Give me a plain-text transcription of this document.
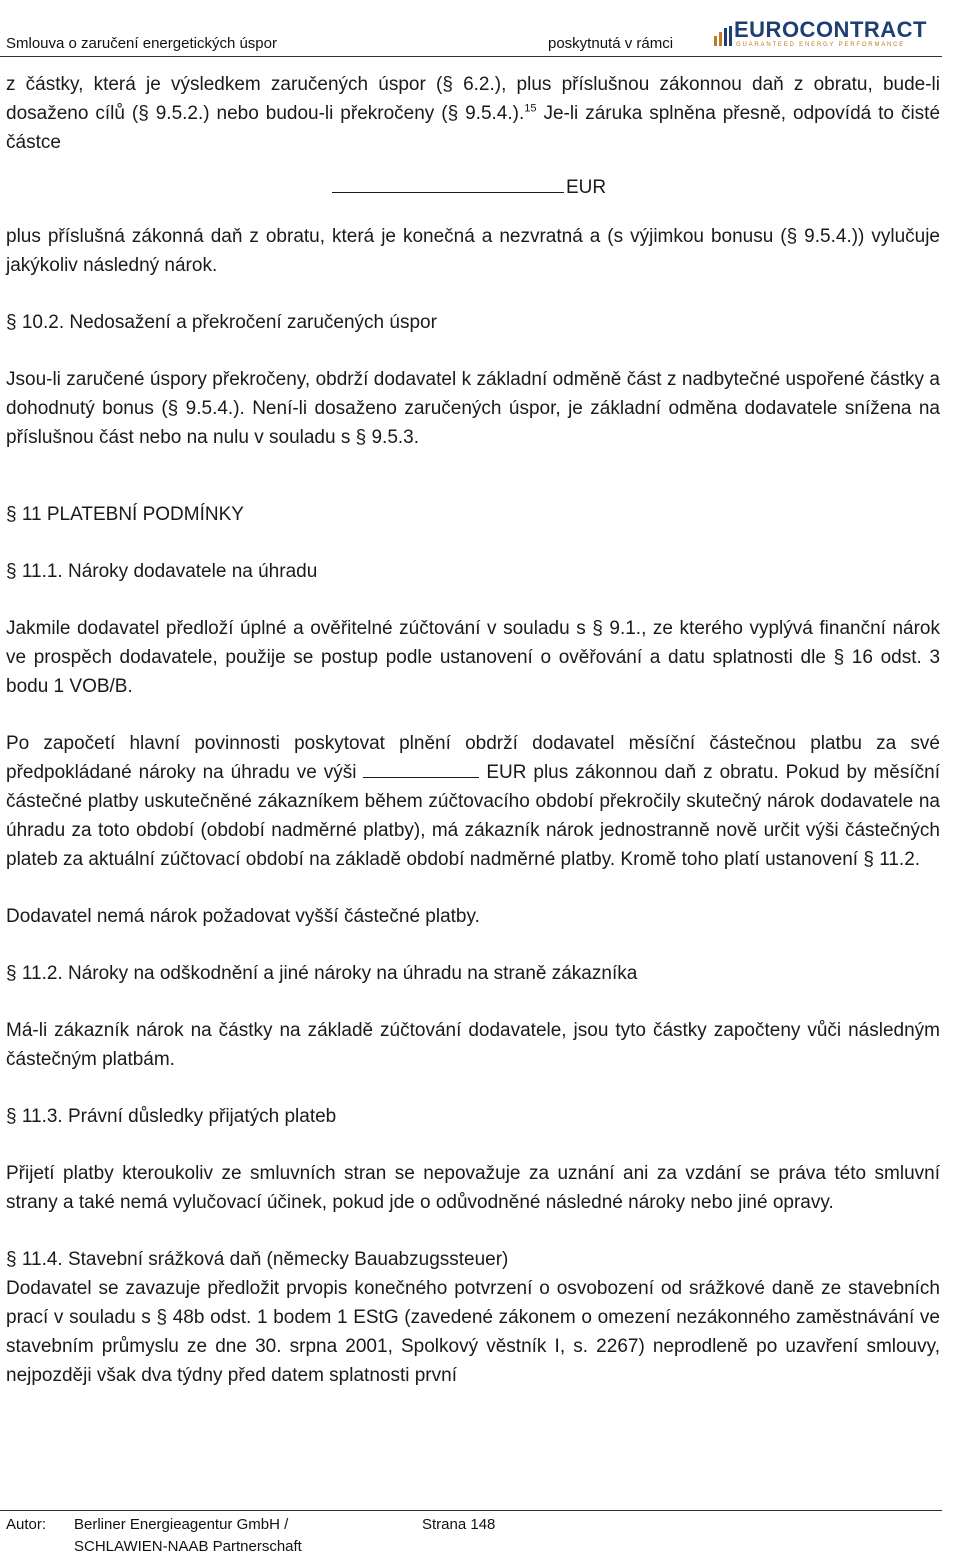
Smlouva o zaručení energetických úspor	poskytnutá v rámci
EUROCONTRACT
GUARANTEED ENERGY PERFORMANCE

z částky, která je výsledkem zaručených úspor (§ 6.2.), plus příslušnou zákonnou daň z obratu, bude-li dosaženo cílů (§ 9.5.2.) nebo budou-li překročeny (§ 9.5.4.).$^{15}$ Je-li záruka splněna přesně, odpovídá to čisté částce

EUR

plus příslušná zákonná daň z obratu, která je konečná a nezvratná a (s výjimkou bonusu (§ 9.5.4.)) vylučuje jakýkoliv následný nárok.

§ 10.2. Nedosažení a překročení zaručených úspor

Jsou-li zaručené úspory překročeny, obdrží dodavatel k základní odměně část z nadbytečné uspořené částky a dohodnutý bonus (§ 9.5.4.). Není-li dosaženo zaručených úspor, je základní odměna dodavatele snížena na příslušnou část nebo na nulu v souladu s § 9.5.3.

§ 11 PLATEBNÍ PODMÍNKY

§ 11.1. Nároky dodavatele na úhradu

Jakmile dodavatel předloží úplné a ověřitelné zúčtování v souladu s § 9.1., ze kterého vyplývá finanční nárok ve prospěch dodavatele, použije se postup podle ustanovení o ověřování a datu splatnosti dle § 16 odst. 3 bodu 1 VOB/B.

Po započetí hlavní povinnosti poskytovat plnění obdrží dodavatel měsíční částečnou platbu za své předpokládané nároky na úhradu ve výši	EUR plus zákonnou daň z obratu. Pokud by měsíční částečné platby uskutečněné zákazníkem během zúčtovacího období překročily skutečný nárok dodavatele na úhradu za toto období (období nadměrné platby), má zákazník nárok jednostranně nově určit výši částečných plateb za aktuální zúčtovací období na základě období nadměrné platby. Kromě toho platí ustanovení § 11.2.

Dodavatel nemá nárok požadovat vyšší částečné platby.

§ 11.2. Nároky na odškodnění a jiné nároky na úhradu na straně zákazníka

Má-li zákazník nárok na částky na základě zúčtování dodavatele, jsou tyto částky započteny vůči následným částečným platbám.

§ 11.3. Právní důsledky přijatých plateb

Přijetí platby kteroukoliv ze smluvních stran se nepovažuje za uznání ani za vzdání se práva této smluvní strany a také nemá vylučovací účinek, pokud jde o odůvodněné následné nároky nebo jiné opravy.

§ 11.4. Stavební srážková daň (německy Bauabzugssteuer)

Dodavatel se zavazuje předložit prvopis konečného potvrzení o osvobození od srážkové daně ze stavebních prací v souladu s § 48b odst. 1 bodem 1 EStG (zavedené zákonem o omezení nezákonného zaměstnávání ve stavebním průmyslu ze dne 30. srpna 2001, Spolkový věstník I, s. 2267) neprodleně po uzavření smlouvy, nejpozději však dva týdny před datem splatnosti první

Autor: Berliner Energieagentur GmbH /
SCHLAWIEN-NAAB Partnerschaft
Strana 148
